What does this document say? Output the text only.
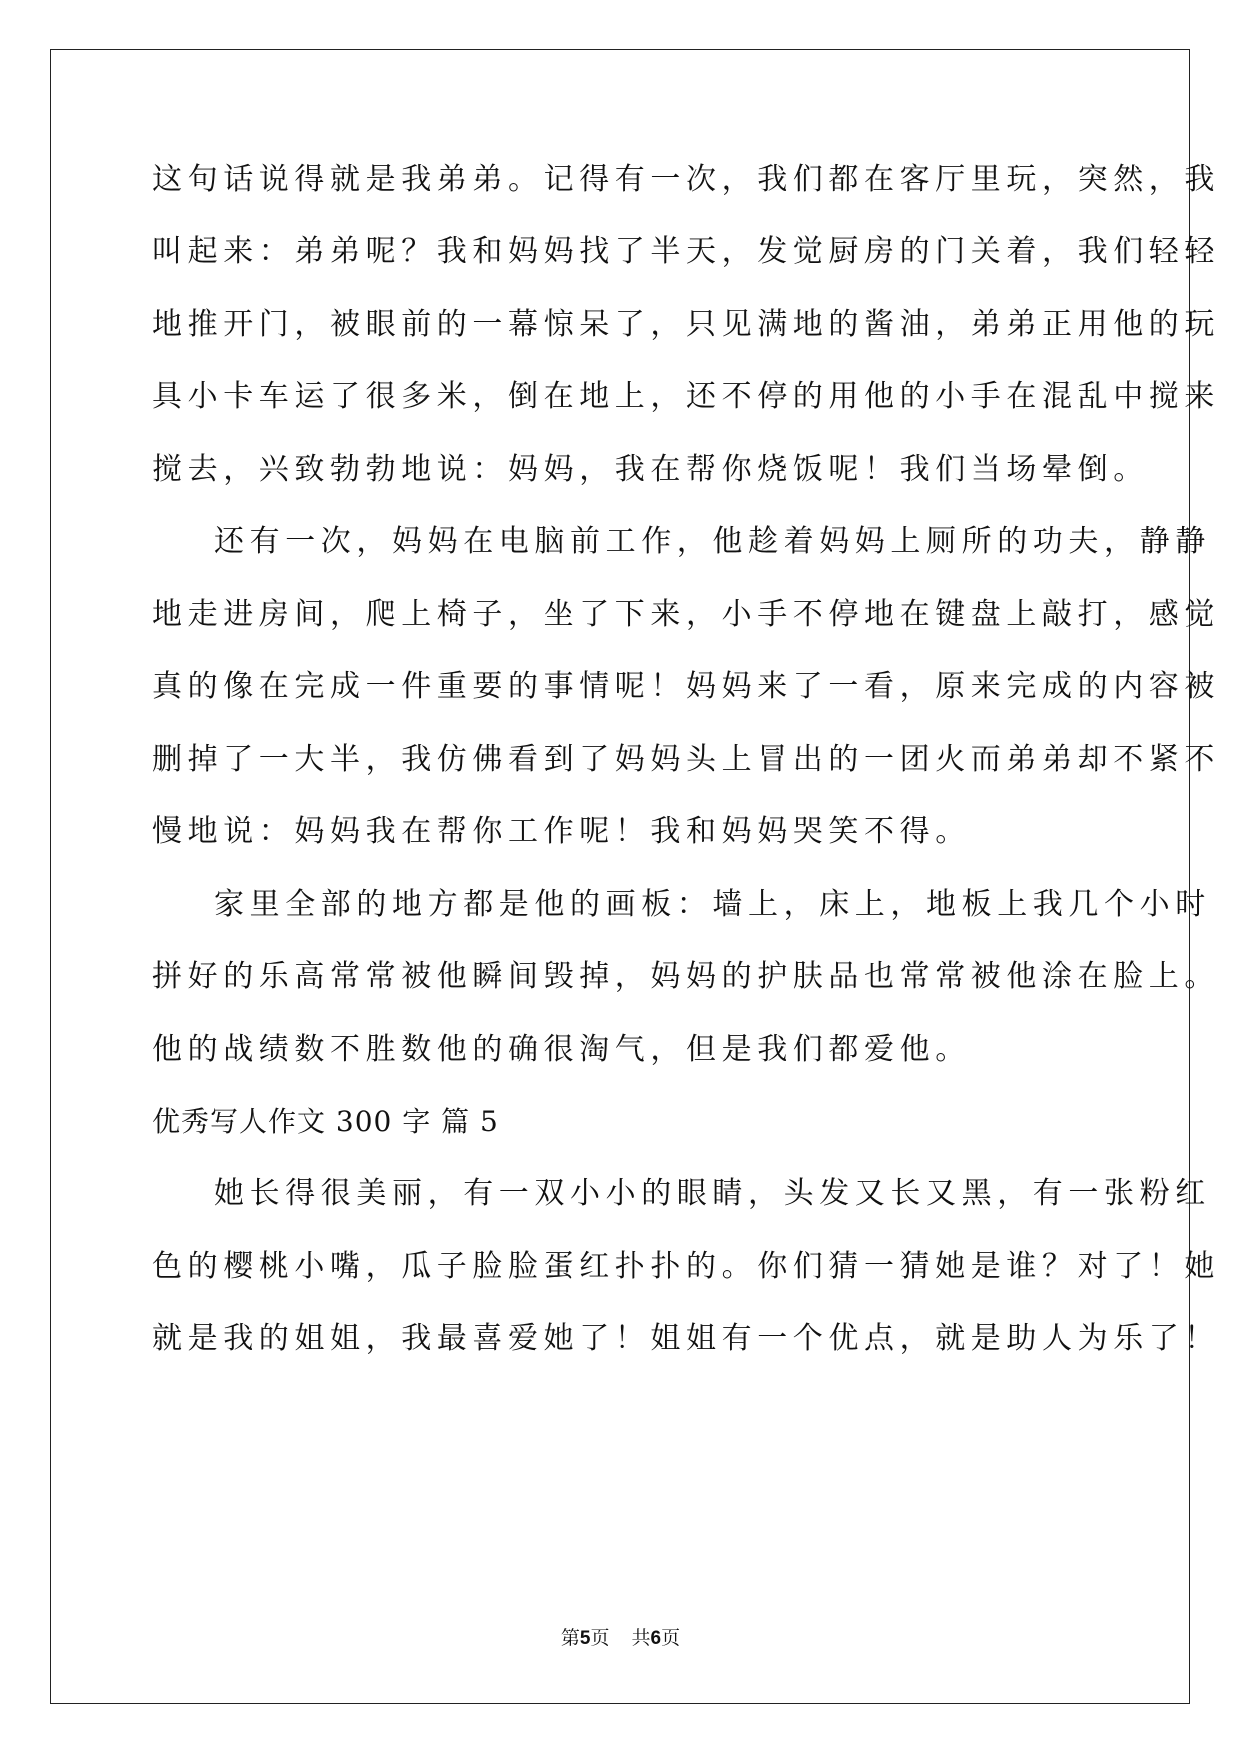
这句话说得就是我弟弟。记得有一次，我们都在客厅里玩，突然，我
叫起来：弟弟呢？我和妈妈找了半天，发觉厨房的门关着，我们轻轻
地推开门，被眼前的一幕惊呆了，只见满地的酱油，弟弟正用他的玩
具小卡车运了很多米，倒在地上，还不停的用他的小手在混乱中搅来
搅去，兴致勃勃地说：妈妈，我在帮你烧饭呢！我们当场晕倒。
还有一次，妈妈在电脑前工作，他趁着妈妈上厕所的功夫，静静
地走进房间，爬上椅子，坐了下来，小手不停地在键盘上敲打，感觉
真的像在完成一件重要的事情呢！妈妈来了一看，原来完成的内容被
删掉了一大半，我仿佛看到了妈妈头上冒出的一团火而弟弟却不紧不
慢地说：妈妈我在帮你工作呢！我和妈妈哭笑不得。
家里全部的地方都是他的画板：墙上，床上，地板上我几个小时
拼好的乐高常常被他瞬间毁掉，妈妈的护肤品也常常被他涂在脸上。
他的战绩数不胜数他的确很淘气，但是我们都爱他。
优秀写人作文 300 字 篇 5
她长得很美丽，有一双小小的眼睛，头发又长又黑，有一张粉红
色的樱桃小嘴，瓜子脸脸蛋红扑扑的。你们猜一猜她是谁？对了！她
就是我的姐姐，我最喜爱她了！姐姐有一个优点，就是助人为乐了！
第5页 共6页
